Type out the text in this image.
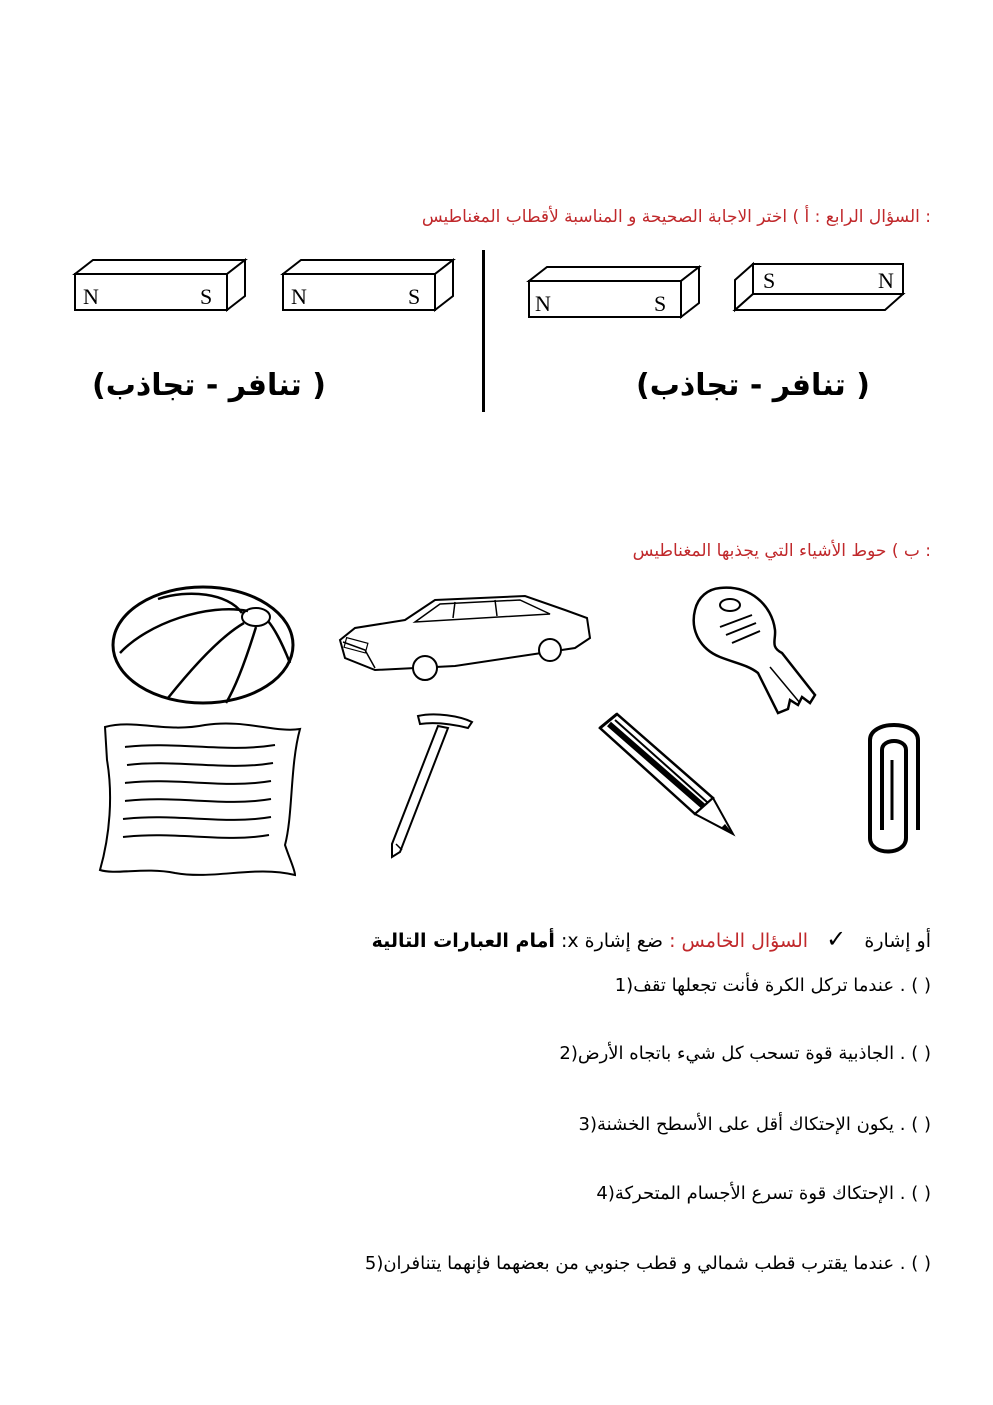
: السؤال الرابع : أ ) اختر الاجابة الصحيحة و المناسبة لأقطاب المغناطيس
N	S	N	S	N	S
S	N
( تنافر - تجاذب)	( تنافر - تجاذب)
: ب ) حوط الأشياء التي يجذبها المغناطيس
أو إشارة   ✓   السؤال الخامس : ضع إشارة x: أمام العبارات التالية
( ) . عندما تركل الكرة فأنت تجعلها تقف(1
( ) . الجاذبية قوة تسحب كل شيء باتجاه الأرض(2
( ) . يكون الإحتكاك أقل على الأسطح الخشنة(3
( ) . الإحتكاك قوة تسرع الأجسام المتحركة(4
( ) . عندما يقترب قطب شمالي و قطب جنوبي من بعضهما فإنهما يتنافران(5
